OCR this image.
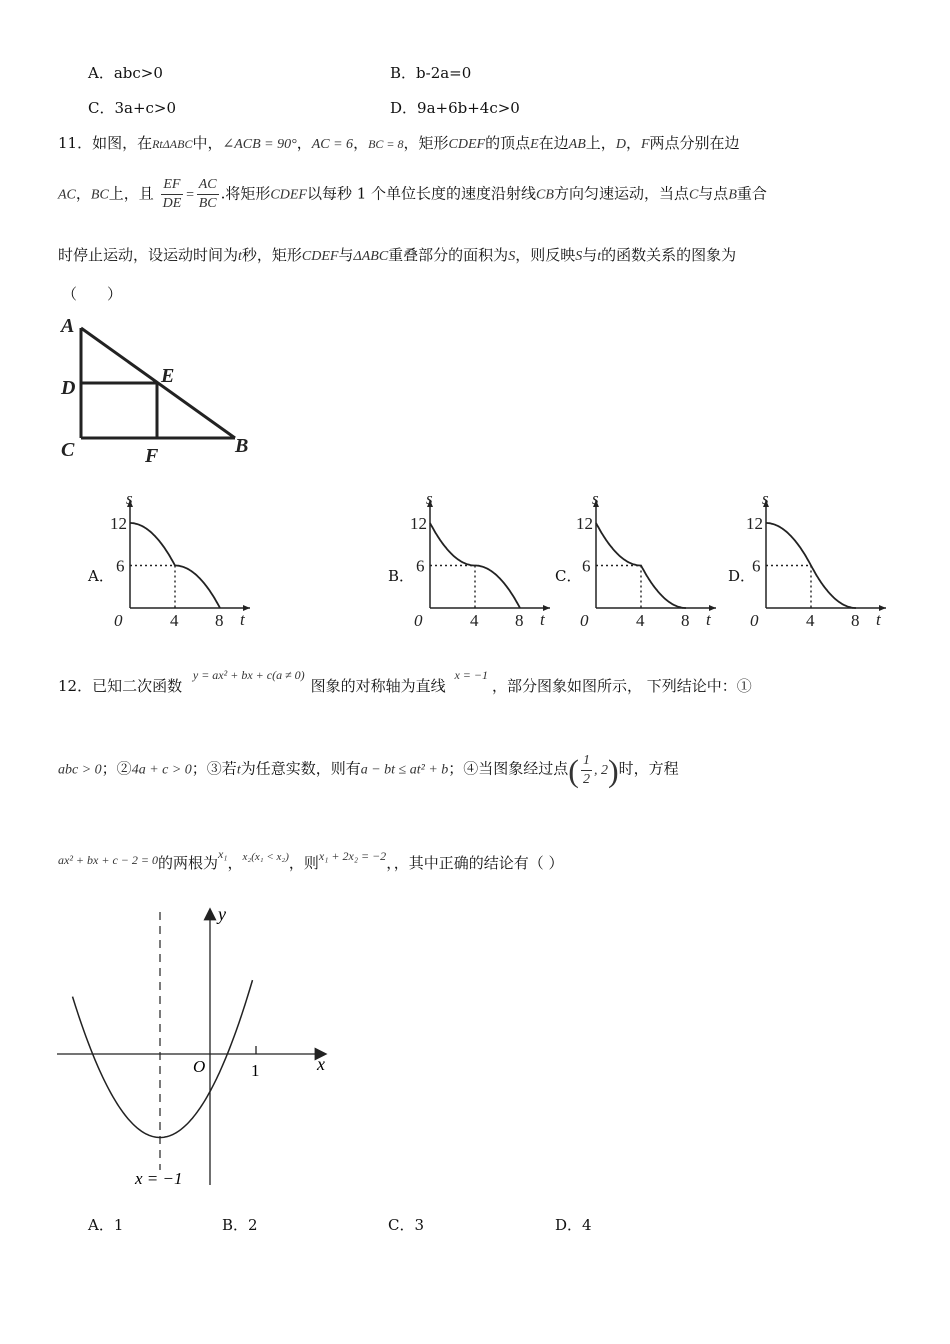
A．abc>0	B．b-2a=0
C．3a+c>0	D．9a+6b+4c>0
11．如图，在RtΔABC中，∠ACB = 90°，AC = 6，BC = 8，矩形CDEF的顶点E在边AB上，D，F两点分别在边
AC，BC上，且 $\frac{EF}{DE} = \frac{AC}{BC}$ .将矩形CDEF以每秒 1 个单位长度的速度沿射线CB方向匀速运动，当点C与点B重合
时停止运动，设运动时间为t秒，矩形CDEF与ΔABC重叠部分的面积为S，则反映S与t的函数关系的图象为
（　　）
A
D
E
C	F	B
A．	B．	C．	D．
s
t
12
6
0	4 8
s
t
12
6
0	4 8
s
t
12
6
0	4 8
s
t
12
6
0	4 8
12．已知二次函数 $^{y = ax^2 + bx + c(a \ne 0)}$图象的对称轴为直线 $^{x = -1}$，部分图象如图所示， 下列结论中：①
abc > 0；②4a + c > 0；③若t为任意实数，则有a − bt ≤ at² + b；④当图象经过点( $\frac{1}{2}$ , 2)时，方程
$^{ax^2 + bx + c - 2 = 0}$的两根为$^{x_1}$，$^{x_2(x_1 < x_2)}$，则$^{x_1 + 2x_2 = -2}$，，其中正确的结论有（ ）
y
x
O	1
x = −1
A．1	B．2	C．3	D．4
